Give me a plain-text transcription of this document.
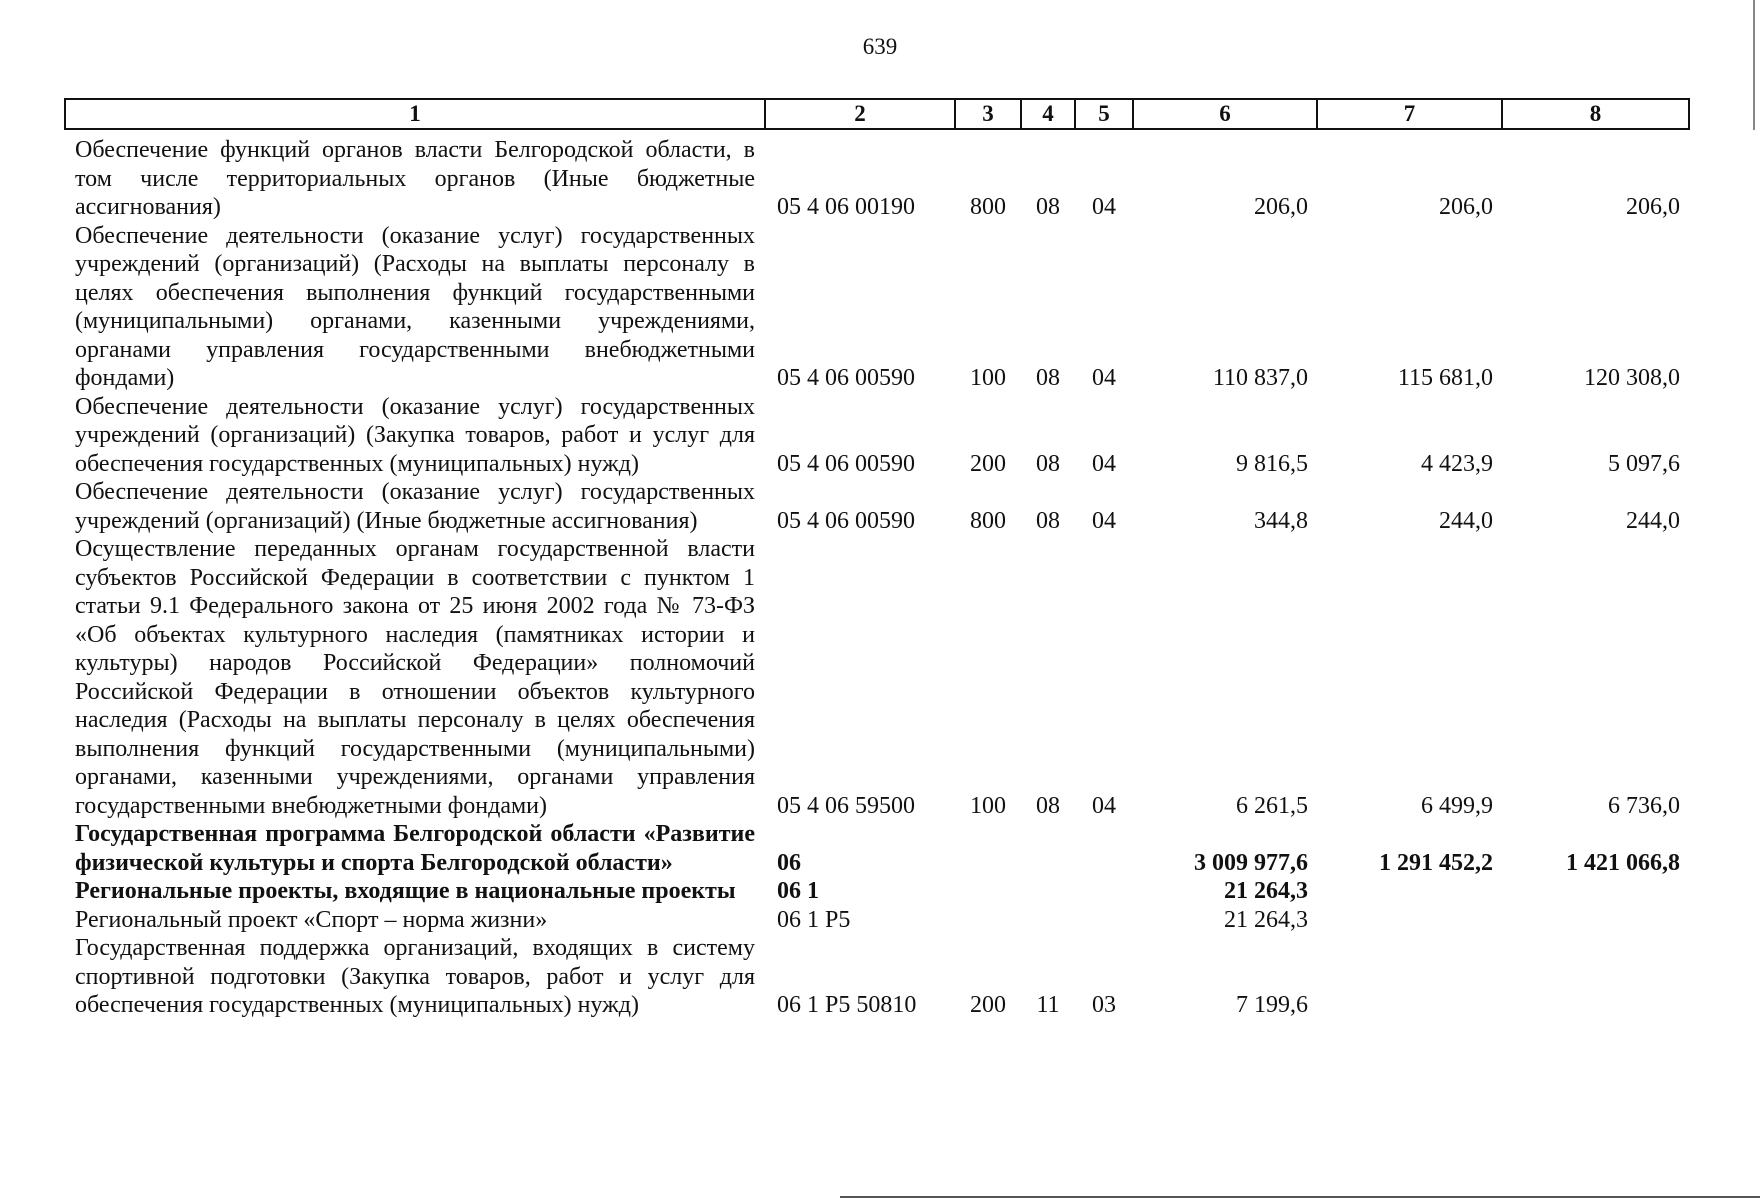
639
1	2	3	4	5	6	7	8
Обеспечение функций органов власти Белгородской области, в том числе территориальных органов (Иные бюджетные ассигнования)	05 4 06 00190	800	08	04	206,0	206,0	206,0
Обеспечение деятельности (оказание услуг) государственных учреждений (организаций) (Расходы на выплаты персоналу в целях обеспечения выполнения функций государственными (муниципальными) органами, казенными учреждениями, органами управления государственными внебюджетными фондами)	05 4 06 00590	100	08	04	110 837,0	115 681,0	120 308,0
Обеспечение деятельности (оказание услуг) государственных учреждений (организаций) (Закупка товаров, работ и услуг для обеспечения государственных (муниципальных) нужд)	05 4 06 00590	200	08	04	9 816,5	4 423,9	5 097,6
Обеспечение деятельности (оказание услуг) государственных учреждений (организаций) (Иные бюджетные ассигнования)	05 4 06 00590	800	08	04	344,8	244,0	244,0
Осуществление переданных органам государственной власти субъектов Российской Федерации в соответствии с пунктом 1 статьи 9.1 Федерального закона от 25 июня 2002 года № 73-ФЗ «Об объектах культурного наследия (памятниках истории и культуры) народов Российской Федерации» полномочий Российской Федерации в отношении объектов культурного наследия (Расходы на выплаты персоналу в целях обеспечения выполнения функций государственными (муниципальными) органами, казенными учреждениями, органами управления государственными внебюджетными фондами)	05 4 06 59500	100	08	04	6 261,5	6 499,9	6 736,0
Государственная программа Белгородской области «Развитие физической культуры и спорта Белгородской области»	06				3 009 977,6	1 291 452,2	1 421 066,8
Региональные проекты, входящие в национальные проекты	06 1				21 264,3		
Региональный проект «Спорт – норма жизни»	06 1 P5				21 264,3		
Государственная поддержка организаций, входящих в систему спортивной подготовки (Закупка товаров, работ и услуг для обеспечения государственных (муниципальных) нужд)	06 1 P5 50810	200	11	03	7 199,6		
